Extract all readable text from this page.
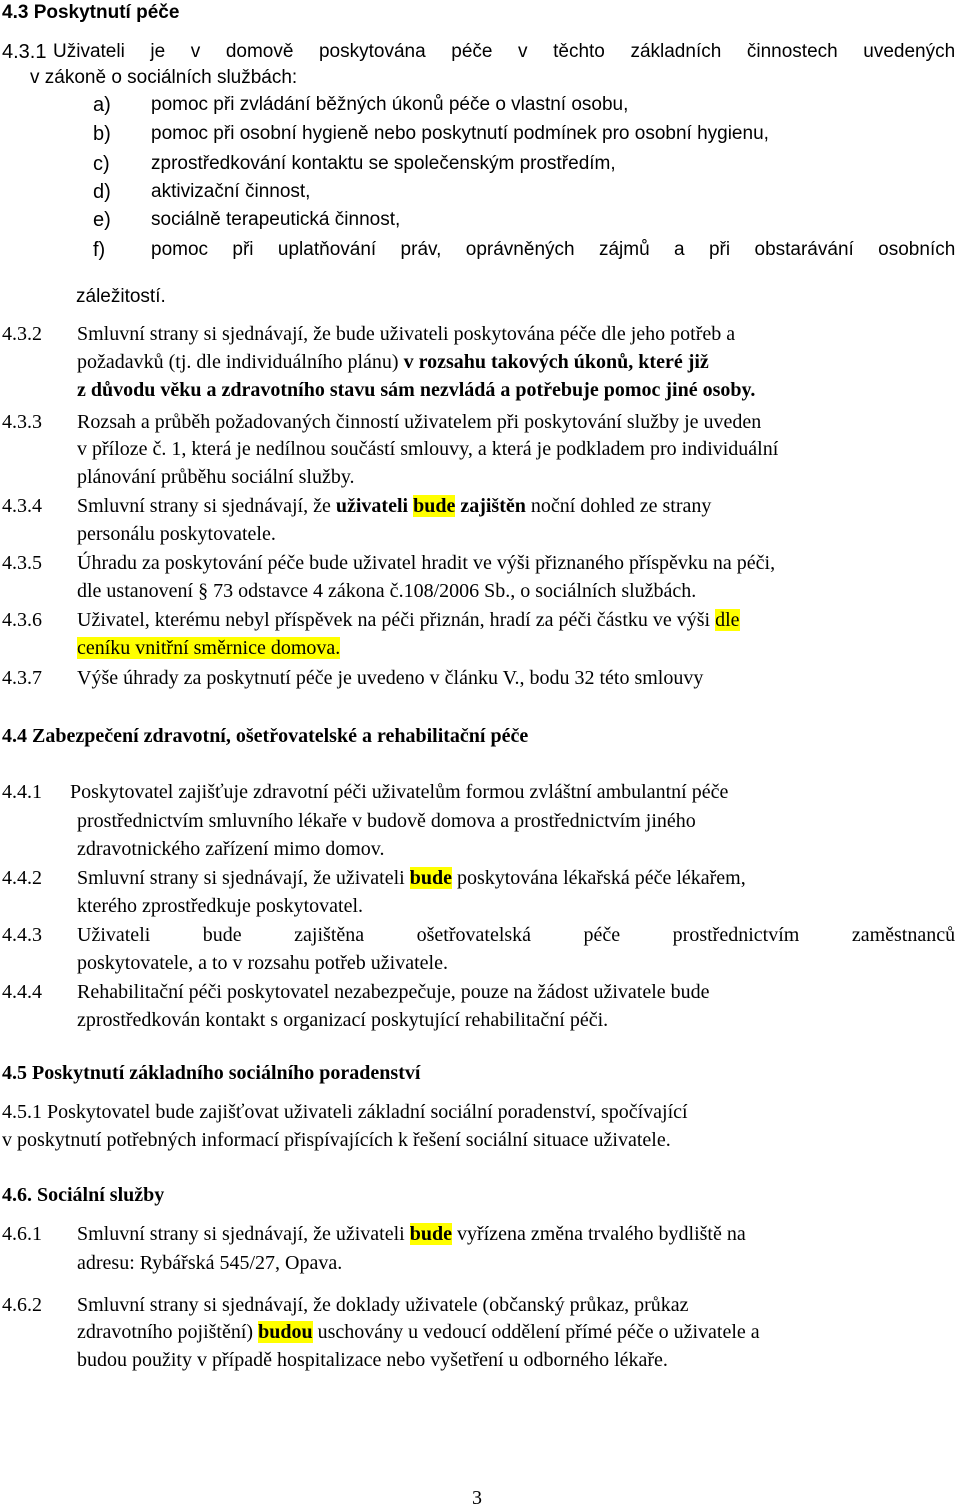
4.3 Poskytnutí péče
4.3.1 Uživateli je v domově poskytována péče v těchto základních činnostech uvedených
v zákoně o sociálních službách:
a) pomoc při zvládání běžných úkonů péče o vlastní osobu,
b) pomoc při osobní hygieně nebo poskytnutí podmínek pro osobní hygienu,
c) zprostředkování kontaktu se společenským prostředím,
d) aktivizační činnost,
e) sociálně terapeutická činnost,
f) pomoc při uplatňování práv, oprávněných zájmů a při obstarávání osobních
záležitostí.
4.3.2 Smluvní strany si sjednávají, že bude uživateli poskytována péče dle jeho potřeb a
požadavků (tj. dle individuálního plánu) v rozsahu takových úkonů, které již
z důvodu věku a zdravotního stavu sám nezvládá a potřebuje pomoc jiné osoby.
4.3.3 Rozsah a průběh požadovaných činností uživatelem při poskytování služby je uveden
v příloze č. 1, která je nedílnou součástí smlouvy, a která je podkladem pro individuální
plánování průběhu sociální služby.
4.3.4 Smluvní strany si sjednávají, že uživateli bude zajištěn noční dohled ze strany
personálu poskytovatele.
4.3.5 Úhradu za poskytování péče bude uživatel hradit ve výši přiznaného příspěvku na péči,
dle ustanovení § 73 odstavce 4 zákona č.108/2006 Sb., o sociálních službách.
4.3.6 Uživatel, kterému nebyl příspěvek na péči přiznán, hradí za péči částku ve výši dle
ceníku vnitřní směrnice domova.
4.3.7 Výše úhrady za poskytnutí péče je uvedeno v článku V., bodu 32 této smlouvy
4.4 Zabezpečení zdravotní, ošetřovatelské a rehabilitační péče
4.4.1 Poskytovatel zajišťuje zdravotní péči uživatelům formou zvláštní ambulantní péče
prostřednictvím smluvního lékaře v budově domova a prostřednictvím jiného
zdravotnického zařízení mimo domov.
4.4.2 Smluvní strany si sjednávají, že uživateli bude poskytována lékařská péče lékařem,
kterého zprostředkuje poskytovatel.
4.4.3 Uživateli bude zajištěna ošetřovatelská péče prostřednictvím zaměstnanců
poskytovatele, a to v rozsahu potřeb uživatele.
4.4.4 Rehabilitační péči poskytovatel nezabezpečuje, pouze na žádost uživatele bude
zprostředkován kontakt s organizací poskytující rehabilitační péči.
4.5 Poskytnutí základního sociálního poradenství
4.5.1 Poskytovatel bude zajišťovat uživateli základní sociální poradenství, spočívající
v poskytnutí potřebných informací přispívajících k řešení sociální situace uživatele.
4.6. Sociální služby
4.6.1 Smluvní strany si sjednávají, že uživateli bude vyřízena změna trvalého bydliště na
adresu: Rybářská 545/27, Opava.
4.6.2 Smluvní strany si sjednávají, že doklady uživatele (občanský průkaz, průkaz
zdravotního pojištění) budou uschovány u vedoucí oddělení přímé péče o uživatele a
budou použity v případě hospitalizace nebo vyšetření u odborného lékaře.
3
